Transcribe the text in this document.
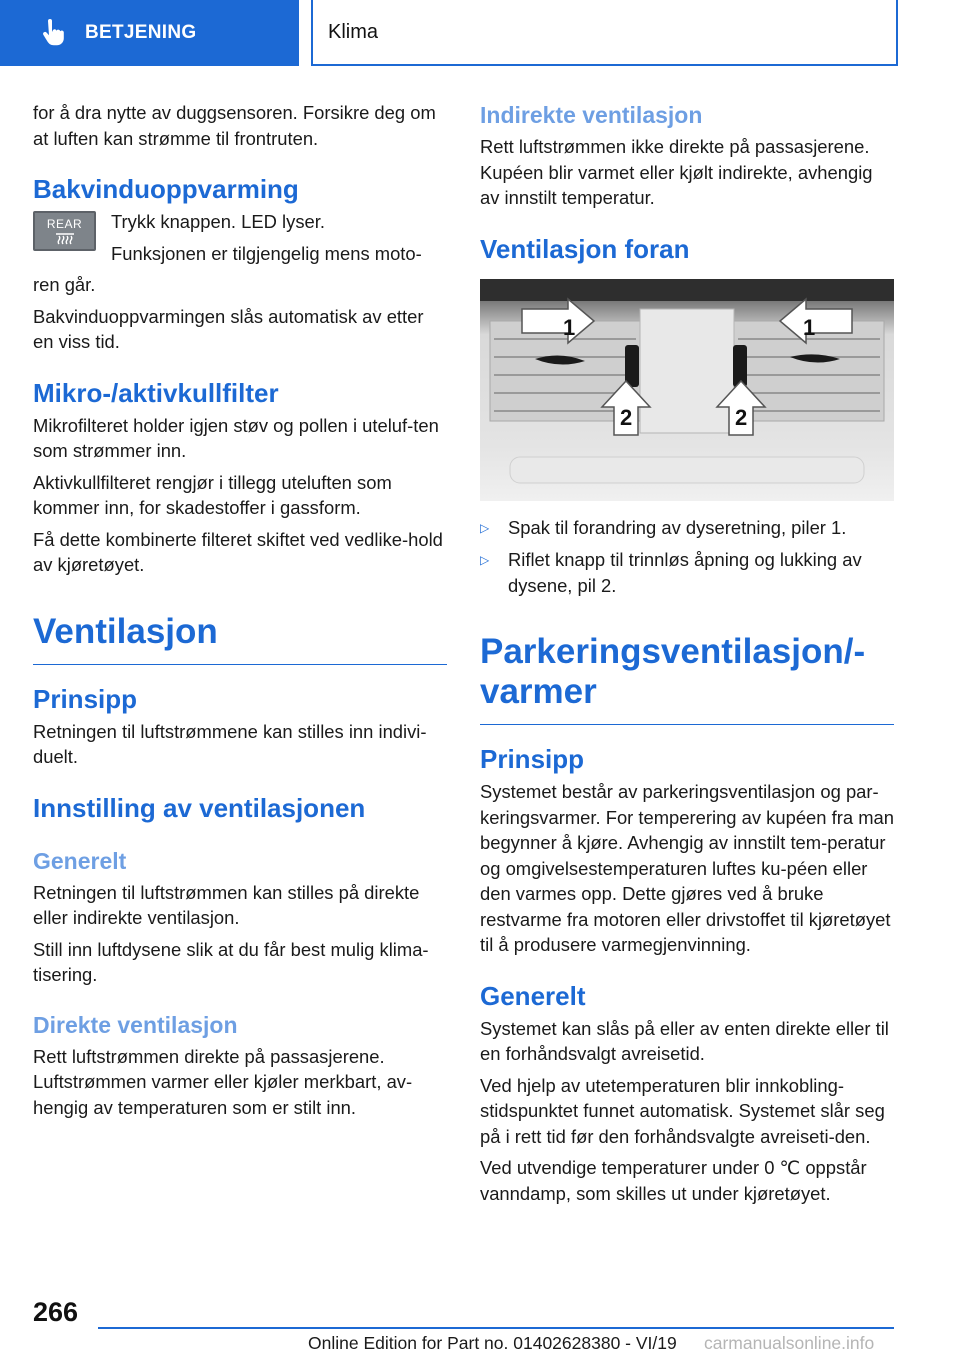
BETJENING	Klima

for å dra nytte av duggsensoren. Forsikre deg om at luften kan strømme til frontruten.

Bakvinduoppvarming
REAR Trykk knappen. LED lyser.

Funksjonen er tilgjengelig mens moto-

ren går.

Bakvinduoppvarmingen slås automatisk av etter en viss tid.

Mikro-/aktivkullfilter

Mikrofilteret holder igjen støv og pollen i uteluf-ten som strømmer inn.

Aktivkullfilteret rengjør i tillegg uteluften som kommer inn, for skadestoffer i gassform.

Få dette kombinerte filteret skiftet ved vedlike-hold av kjøretøyet.

Ventilasjon
Prinsipp

Retningen til luftstrømmene kan stilles inn indivi-duelt.

Innstilling av ventilasjonen
Generelt

Retningen til luftstrømmen kan stilles på direkte eller indirekte ventilasjon.

Still inn luftdysene slik at du får best mulig klima-tisering.

Direkte ventilasjon

Rett luftstrømmen direkte på passasjerene. Luftstrømmen varmer eller kjøler merkbart, av-hengig av temperaturen som er stilt inn.

Indirekte ventilasjon

Rett luftstrømmen ikke direkte på passasjerene. Kupéen blir varmet eller kjølt indirekte, avhengig av innstilt temperatur.

Ventilasjon foran
1	1
2	2
▷	Spak til forandring av dyseretning, piler 1.
▷	Riflet knapp til trinnløs åpning og lukking av dysene, pil 2.
Parkeringsventilasjon/-varmer
Prinsipp

Systemet består av parkeringsventilasjon og par-keringsvarmer. For temperering av kupéen fra man begynner å kjøre. Avhengig av innstilt tem-peratur og omgivelsestemperaturen luftes ku-péen eller den varmes opp. Dette gjøres ved å bruke restvarme fra motoren eller drivstoffet til kjøretøyet til å produsere varmegjenvinning.

Generelt

Systemet kan slås på eller av enten direkte eller til en forhåndsvalgt avreisetid.

Ved hjelp av utetemperaturen blir innkobling-stidspunktet funnet automatisk. Systemet slår seg på i rett tid før den forhåndsvalgte avreiseti-den.

Ved utvendige temperaturer under 0 ℃ oppstår vanndamp, som skilles ut under kjøretøyet.

266
Online Edition for Part no. 01402628380 - VI/19 carmanualsonline.info
